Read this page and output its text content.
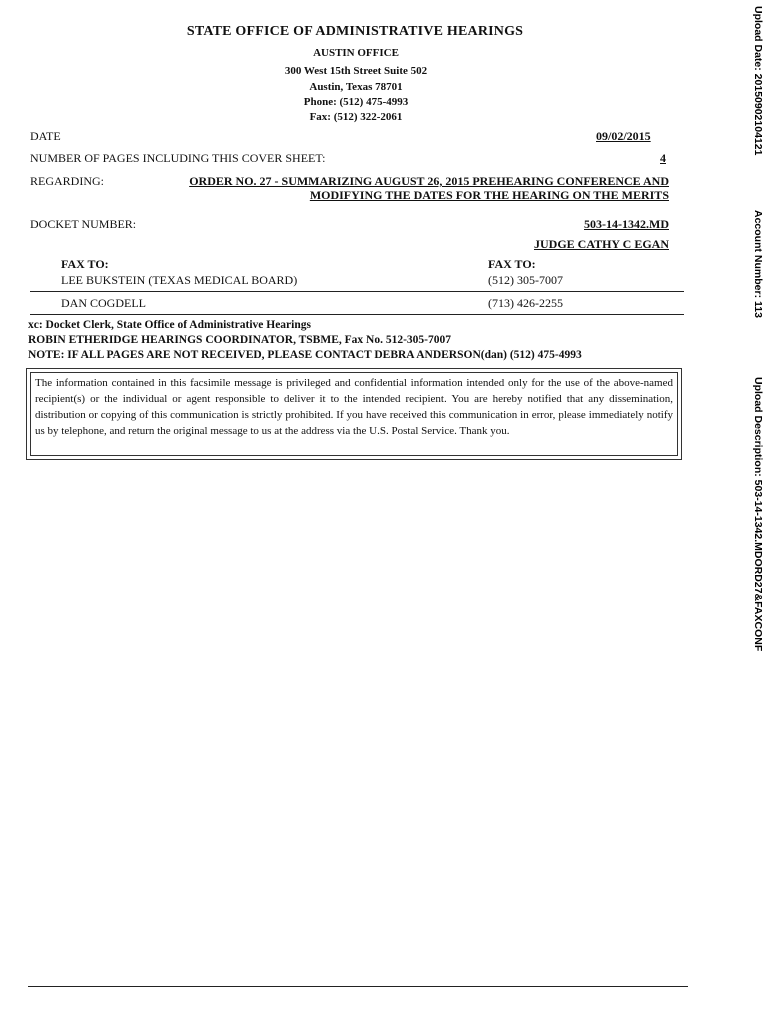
STATE OFFICE OF ADMINISTRATIVE HEARINGS
AUSTIN OFFICE
300 West 15th Street Suite 502
Austin, Texas 78701
Phone: (512) 475-4993
Fax: (512) 322-2061
DATE	09/02/2015
NUMBER OF PAGES INCLUDING THIS COVER SHEET:	4
REGARDING:	ORDER NO. 27 - SUMMARIZING AUGUST 26, 2015 PREHEARING CONFERENCE AND
MODIFYING THE DATES FOR THE HEARING ON THE MERITS
DOCKET NUMBER:	503-14-1342.MD
JUDGE CATHY C EGAN
FAX TO:	FAX TO:
LEE BUKSTEIN (TEXAS MEDICAL BOARD)	(512) 305-7007
DAN COGDELL	(713) 426-2255
xc: Docket Clerk, State Office of Administrative Hearings
ROBIN ETHERIDGE HEARINGS COORDINATOR, TSBME, Fax No. 512-305-7007
NOTE: IF ALL PAGES ARE NOT RECEIVED, PLEASE CONTACT DEBRA ANDERSON(dan) (512) 475-4993
The information contained in this facsimile message is privileged and confidential information intended only for the use of the above-named recipient(s) or the individual or agent responsible to deliver it to the intended recipient. You are hereby notified that any dissemination, distribution or copying of this communication is strictly prohibited. If you have received this communication in error, please immediately notify us by telephone, and return the original message to us at the address via the U.S. Postal Service. Thank you.
Upload Date: 20150902104121 Account Number: 113 Upload Description: 503-14-1342.MDORD27&FAXCONF
